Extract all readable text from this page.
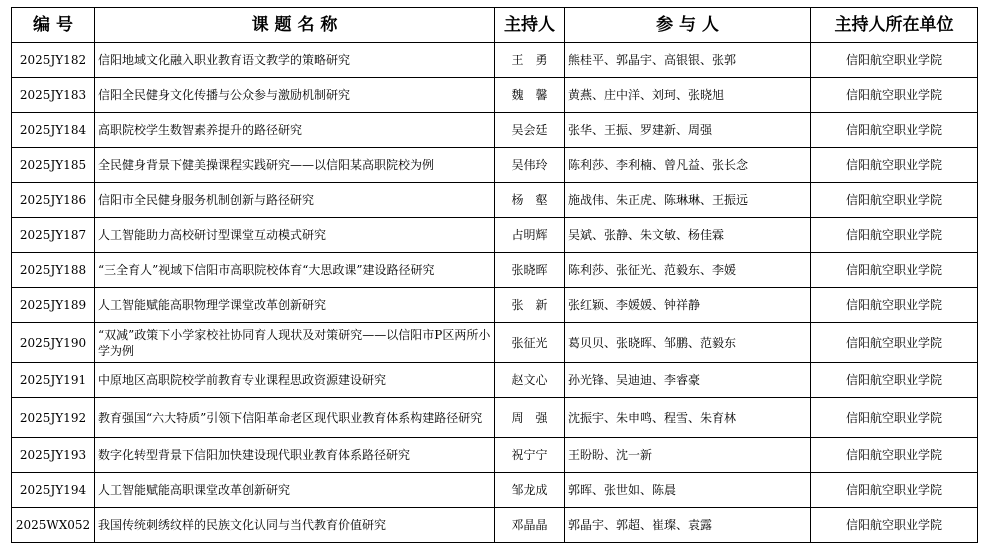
编 号	课 题 名 称	主持人	参 与 人	主持人所在单位
2025JY182	信阳地域文化融入职业教育语文教学的策略研究	王　勇	熊桂平、郭晶宇、高银银、张郭	信阳航空职业学院
2025JY183	信阳全民健身文化传播与公众参与激励机制研究	魏　馨	黄燕、庄中洋、刘珂、张晓旭	信阳航空职业学院
2025JY184	高职院校学生数智素养提升的路径研究	吴会廷	张华、王振、罗建新、周强	信阳航空职业学院
2025JY185	全民健身背景下健美操课程实践研究——以信阳某高职院校为例	吴伟玲	陈利莎、李利楠、曾凡益、张长念	信阳航空职业学院
2025JY186	信阳市全民健身服务机制创新与路径研究	杨　壑	施战伟、朱正虎、陈琳琳、王振远	信阳航空职业学院
2025JY187	人工智能助力高校研讨型课堂互动模式研究	占明辉	吴斌、张静、朱文敏、杨佳霖	信阳航空职业学院
2025JY188	“三全育人”视域下信阳市高职院校体育“大思政课”建设路径研究	张晓晖	陈利莎、张征光、范毅东、李媛	信阳航空职业学院
2025JY189	人工智能赋能高职物理学课堂改革创新研究	张　新	张红颖、李媛媛、钟祥静	信阳航空职业学院
2025JY190	“双减”政策下小学家校社协同育人现状及对策研究——以信阳市P区两所小学为例	张征光	葛贝贝、张晓晖、邹鹏、范毅东	信阳航空职业学院
2025JY191	中原地区高职院校学前教育专业课程思政资源建设研究	赵文心	孙光锋、吴迪迪、李睿豪	信阳航空职业学院
2025JY192	教育强国“六大特质”引领下信阳革命老区现代职业教育体系构建路径研究	周　强	沈振宇、朱申鸣、程雪、朱育林	信阳航空职业学院
2025JY193	数字化转型背景下信阳加快建设现代职业教育体系路径研究	祝宁宁	王盼盼、沈一新	信阳航空职业学院
2025JY194	人工智能赋能高职课堂改革创新研究	邹龙成	郭晖、张世如、陈晨	信阳航空职业学院
2025WX052	我国传统刺绣纹样的民族文化认同与当代教育价值研究	邓晶晶	郭晶宇、郭超、崔璨、袁露	信阳航空职业学院
